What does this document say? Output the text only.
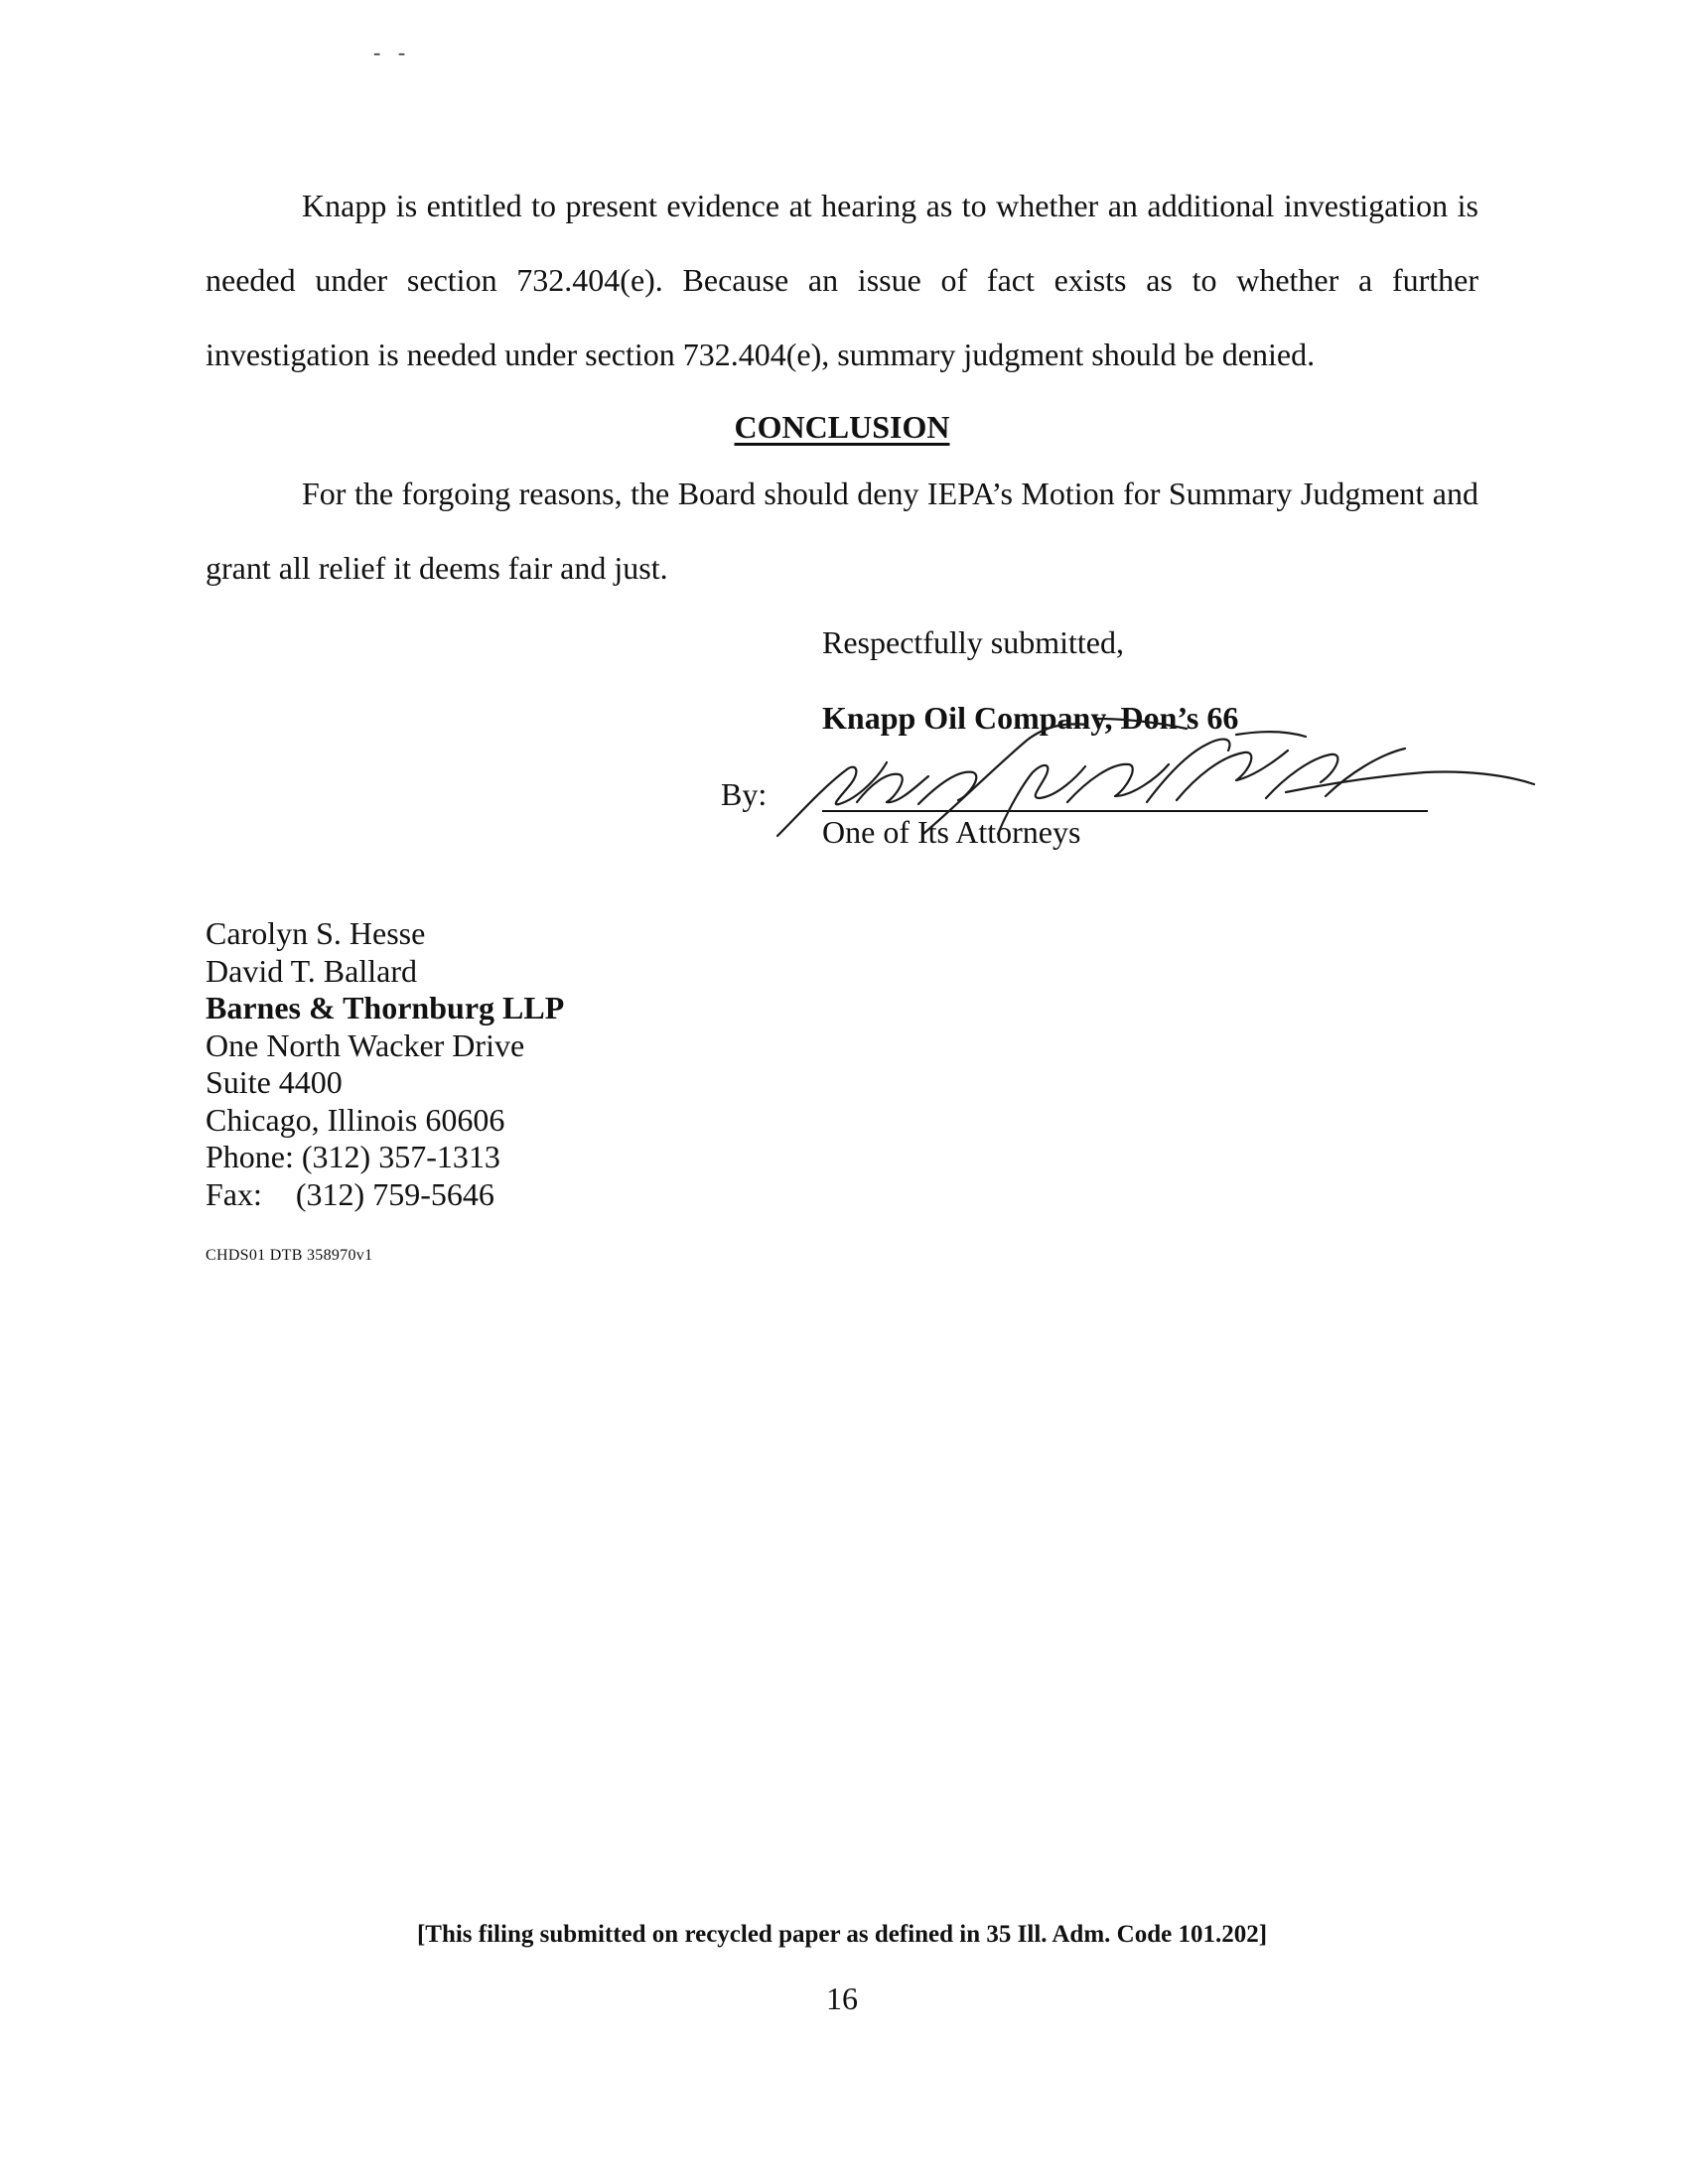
- -

Knapp is entitled to present evidence at hearing as to whether an additional investigation is needed under section 732.404(e). Because an issue of fact exists as to whether a further investigation is needed under section 732.404(e), summary judgment should be denied.

CONCLUSION

For the forgoing reasons, the Board should deny IEPA’s Motion for Summary Judgment and grant all relief it deems fair and just.

Respectfully submitted,
Knapp Oil Company, Don’s 66
By:
One of Its Attorneys
Carolyn S. Hesse
David T. Ballard
Barnes & Thornburg LLP
One North Wacker Drive
Suite 4400
Chicago, Illinois 60606
Phone: (312) 357-1313
Fax: (312) 759-5646
CHDS01 DTB 358970v1
[This filing submitted on recycled paper as defined in 35 Ill. Adm. Code 101.202]
16
